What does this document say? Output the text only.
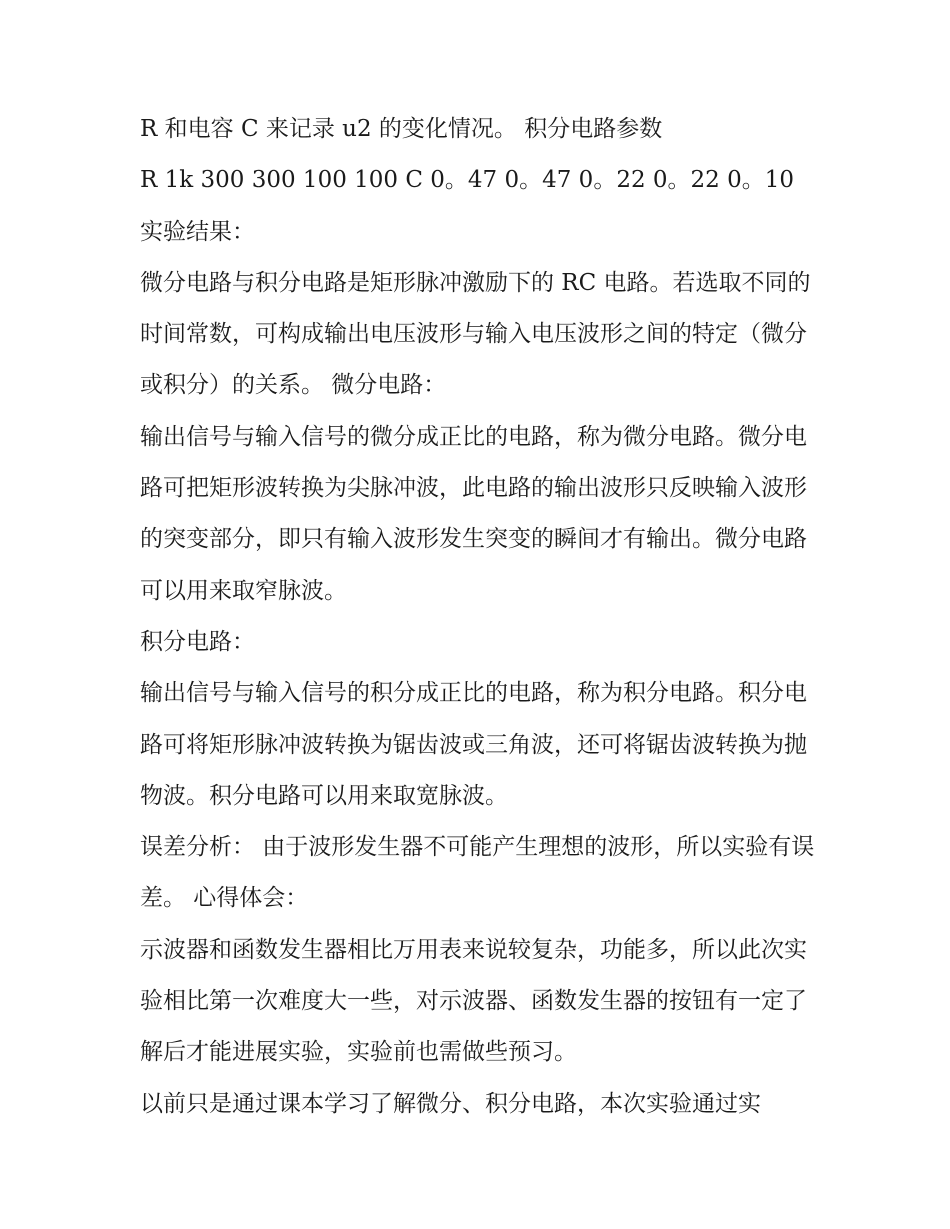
R 和电容 C 来记录 u2 的变化情况。 积分电路参数

R 1k 300 300 100 100 C 0。47 0。47 0。22 0。22 0。10 实验结果：

微分电路与积分电路是矩形脉冲激励下的 RC 电路。若选取不同的时间常数，可构成输出电压波形与输入电压波形之间的特定（微分或积分）的关系。 微分电路：

输出信号与输入信号的微分成正比的电路，称为微分电路。微分电路可把矩形波转换为尖脉冲波，此电路的输出波形只反映输入波形的突变部分，即只有输入波形发生突变的瞬间才有输出。微分电路可以用来取窄脉波。

积分电路：

输出信号与输入信号的积分成正比的电路，称为积分电路。积分电路可将矩形脉冲波转换为锯齿波或三角波，还可将锯齿波转换为抛物波。积分电路可以用来取宽脉波。

误差分析： 由于波形发生器不可能产生理想的波形，所以实验有误差。 心得体会：

示波器和函数发生器相比万用表来说较复杂，功能多，所以此次实验相比第一次难度大一些，对示波器、函数发生器的按钮有一定了解后才能进展实验，实验前也需做些预习。

以前只是通过课本学习了解微分、积分电路，本次实验通过实
